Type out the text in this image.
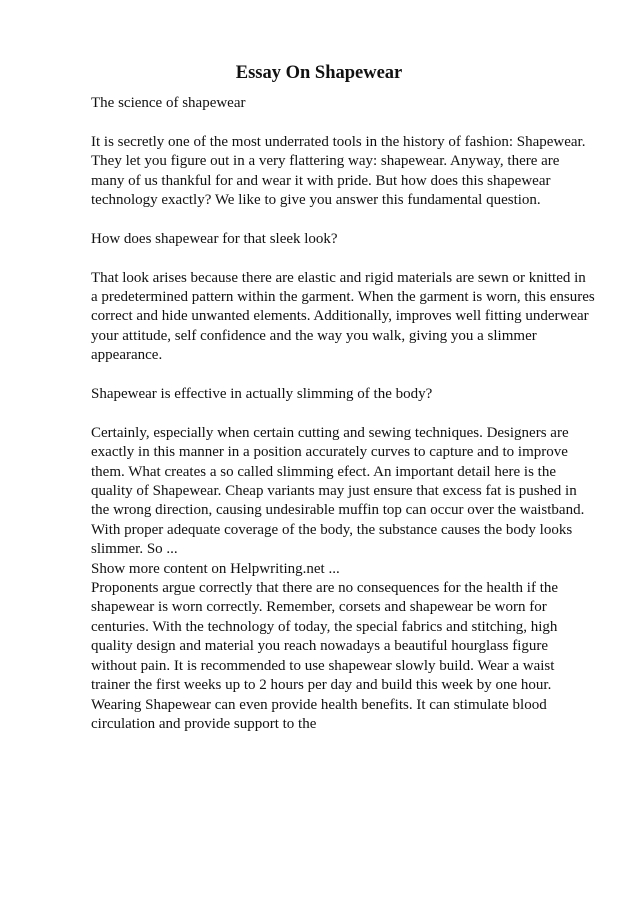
Essay On Shapewear

The science of shapewear

It is secretly one of the most underrated tools in the history of fashion: Shapewear. They let you figure out in a very flattering way: shapewear. Anyway, there are many of us thankful for and wear it with pride. But how does this shapewear technology exactly? We like to give you answer this fundamental question.

How does shapewear for that sleek look?

That look arises because there are elastic and rigid materials are sewn or knitted in a predetermined pattern within the garment. When the garment is worn, this ensures correct and hide unwanted elements. Additionally, improves well fitting underwear your attitude, self confidence and the way you walk, giving you a slimmer appearance.

Shapewear is effective in actually slimming of the body?

Certainly, especially when certain cutting and sewing techniques. Designers are exactly in this manner in a position accurately curves to capture and to improve them. What creates a so called slimming efect. An important detail here is the quality of Shapewear. Cheap variants may just ensure that excess fat is pushed in the wrong direction, causing undesirable muffin top can occur over the waistband. With proper adequate coverage of the body, the substance causes the body looks slimmer. So ...

Show more content on Helpwriting.net ...

Proponents argue correctly that there are no consequences for the health if the shapewear is worn correctly. Remember, corsets and shapewear be worn for centuries. With the technology of today, the special fabrics and stitching, high quality design and material you reach nowadays a beautiful hourglass figure without pain. It is recommended to use shapewear slowly build. Wear a waist trainer the first weeks up to 2 hours per day and build this week by one hour. Wearing Shapewear can even provide health benefits. It can stimulate blood circulation and provide support to the
